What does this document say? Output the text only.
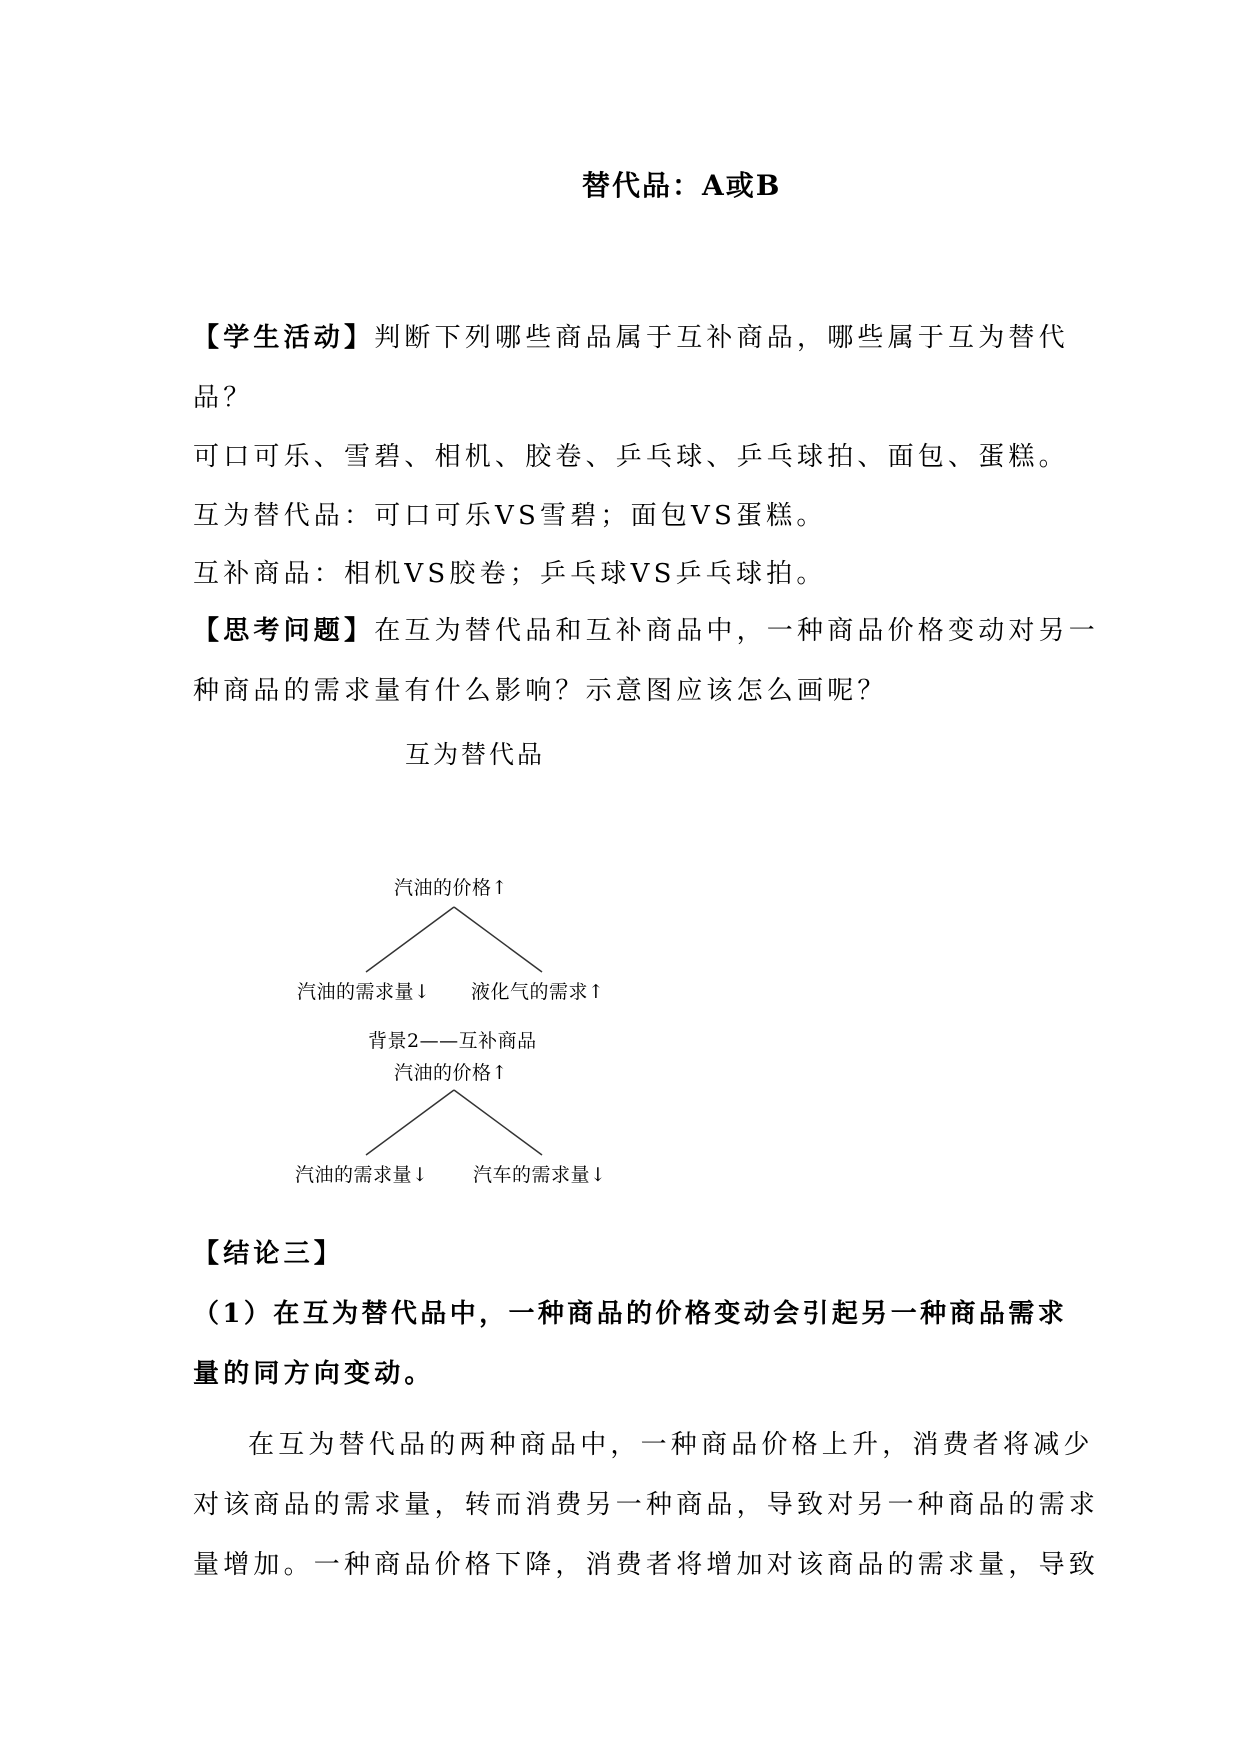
替代品：A或B
【学生活动】判断下列哪些商品属于互补商品，哪些属于互为替代
品？
可口可乐、雪碧、相机、胶卷、乒乓球、乒乓球拍、面包、蛋糕。
互为替代品：可口可乐VS雪碧；面包VS蛋糕。
互补商品：相机VS胶卷；乒乓球VS乒乓球拍。
【思考问题】在互为替代品和互补商品中，一种商品价格变动对另一
种商品的需求量有什么影响？示意图应该怎么画呢？
互为替代品
汽油的价格↑
汽油的需求量↓ 液化气的需求↑
背景2——互补商品
汽油的价格↑
汽油的需求量↓ 汽车的需求量↓
【结论三】
（1）在互为替代品中，一种商品的价格变动会引起另一种商品需求
量的同方向变动。
在互为替代品的两种商品中，一种商品价格上升，消费者将减少
对该商品的需求量，转而消费另一种商品，导致对另一种商品的需求
量增加。一种商品价格下降，消费者将增加对该商品的需求量，导致
